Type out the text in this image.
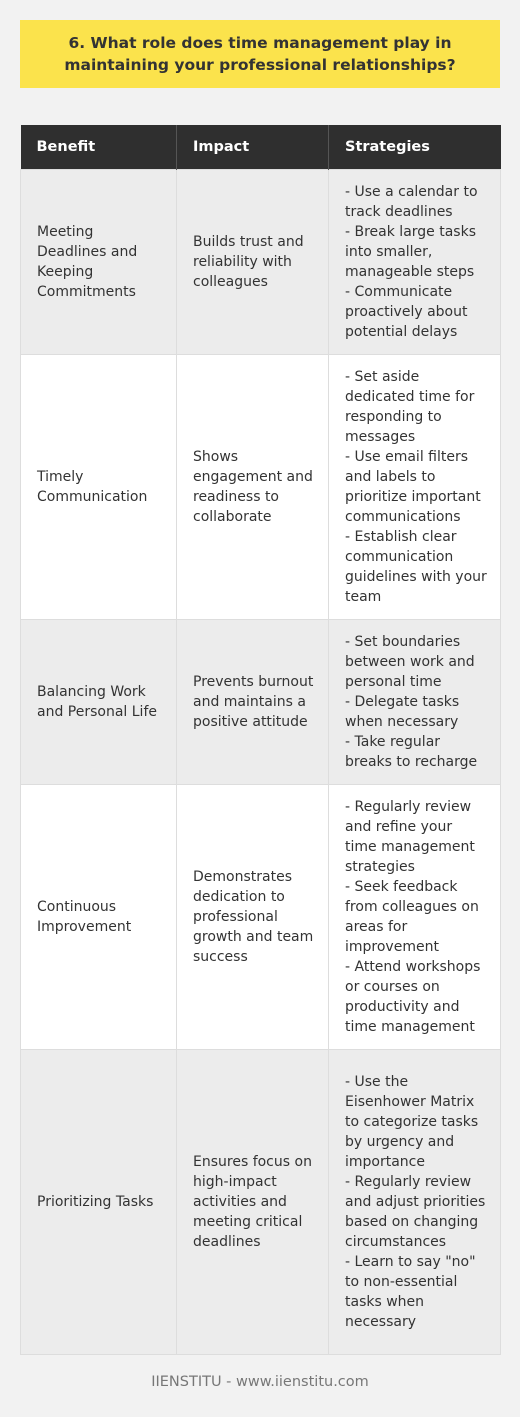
6. What role does time management play in maintaining your professional relationships?
Benefit	Impact	Strategies
Meeting Deadlines and Keeping Commitments	Builds trust and reliability with colleagues	- Use a calendar to track deadlines
- Break large tasks into smaller, manageable steps
- Communicate proactively about potential delays

Timely Communication	Shows engagement and readiness to collaborate	- Set aside dedicated time for responding to messages
- Use email filters and labels to prioritize important communications
- Establish clear communication guidelines with your team

Balancing Work and Personal Life	Prevents burnout and maintains a positive attitude	- Set boundaries between work and personal time
- Delegate tasks when necessary
- Take regular breaks to recharge

Continuous Improvement	Demonstrates dedication to professional growth and team success	- Regularly review and refine your time management strategies
- Seek feedback from colleagues on areas for improvement
- Attend workshops or courses on productivity and time management

Prioritizing Tasks	Ensures focus on high-impact activities and meeting critical deadlines	- Use the Eisenhower Matrix to categorize tasks by urgency and importance
- Regularly review and adjust priorities based on changing circumstances
- Learn to say "no" to non-essential tasks when necessary
IIENSTITU - www.iienstitu.com
